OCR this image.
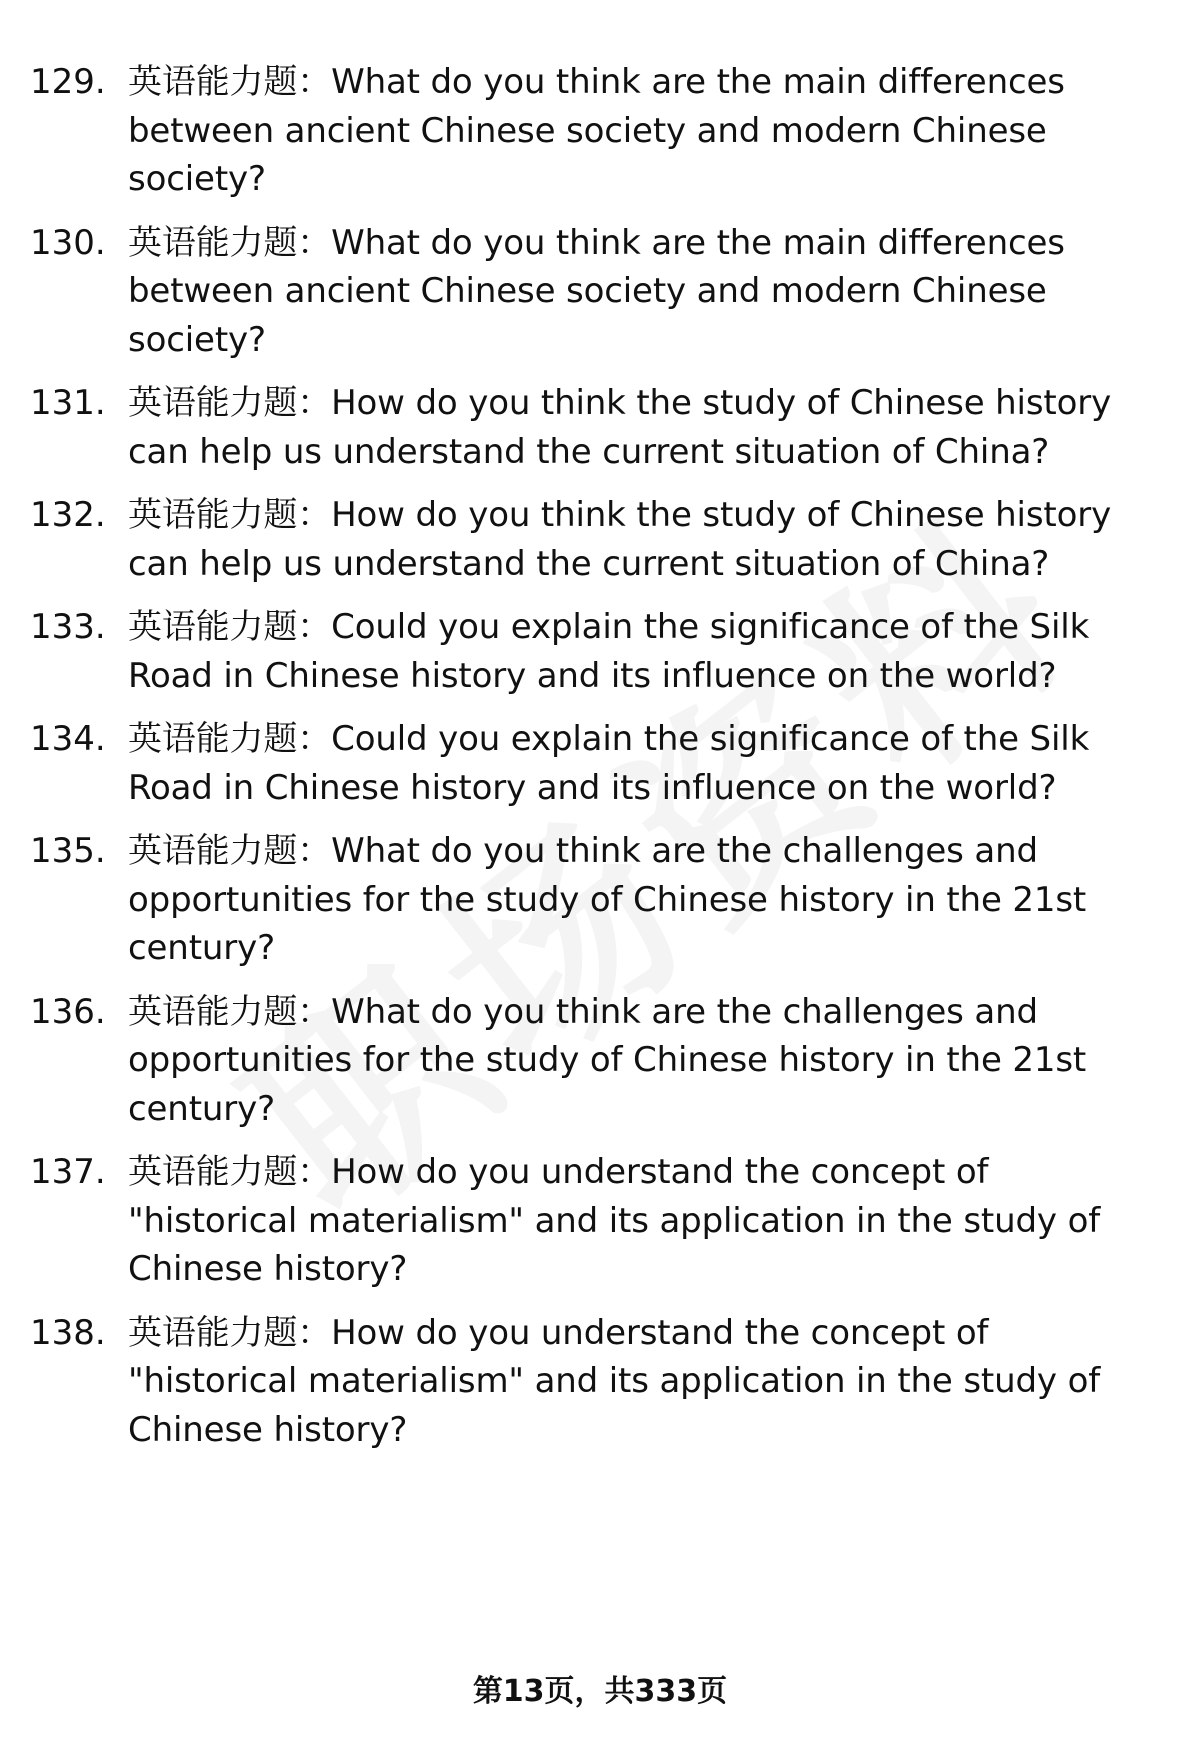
129. 英语能力题：What do you think are the main differences between ancient Chinese society and modern Chinese society?
130. 英语能力题：What do you think are the main differences between ancient Chinese society and modern Chinese society?
131. 英语能力题：How do you think the study of Chinese history can help us understand the current situation of China?
132. 英语能力题：How do you think the study of Chinese history can help us understand the current situation of China?
133. 英语能力题：Could you explain the significance of the Silk Road in Chinese history and its influence on the world?
134. 英语能力题：Could you explain the significance of the Silk Road in Chinese history and its influence on the world?
135. 英语能力题：What do you think are the challenges and opportunities for the study of Chinese history in the 21st century?
136. 英语能力题：What do you think are the challenges and opportunities for the study of Chinese history in the 21st century?
137. 英语能力题：How do you understand the concept of "historical materialism" and its application in the study of Chinese history?
138. 英语能力题：How do you understand the concept of "historical materialism" and its application in the study of Chinese history?
第13页，共333页
